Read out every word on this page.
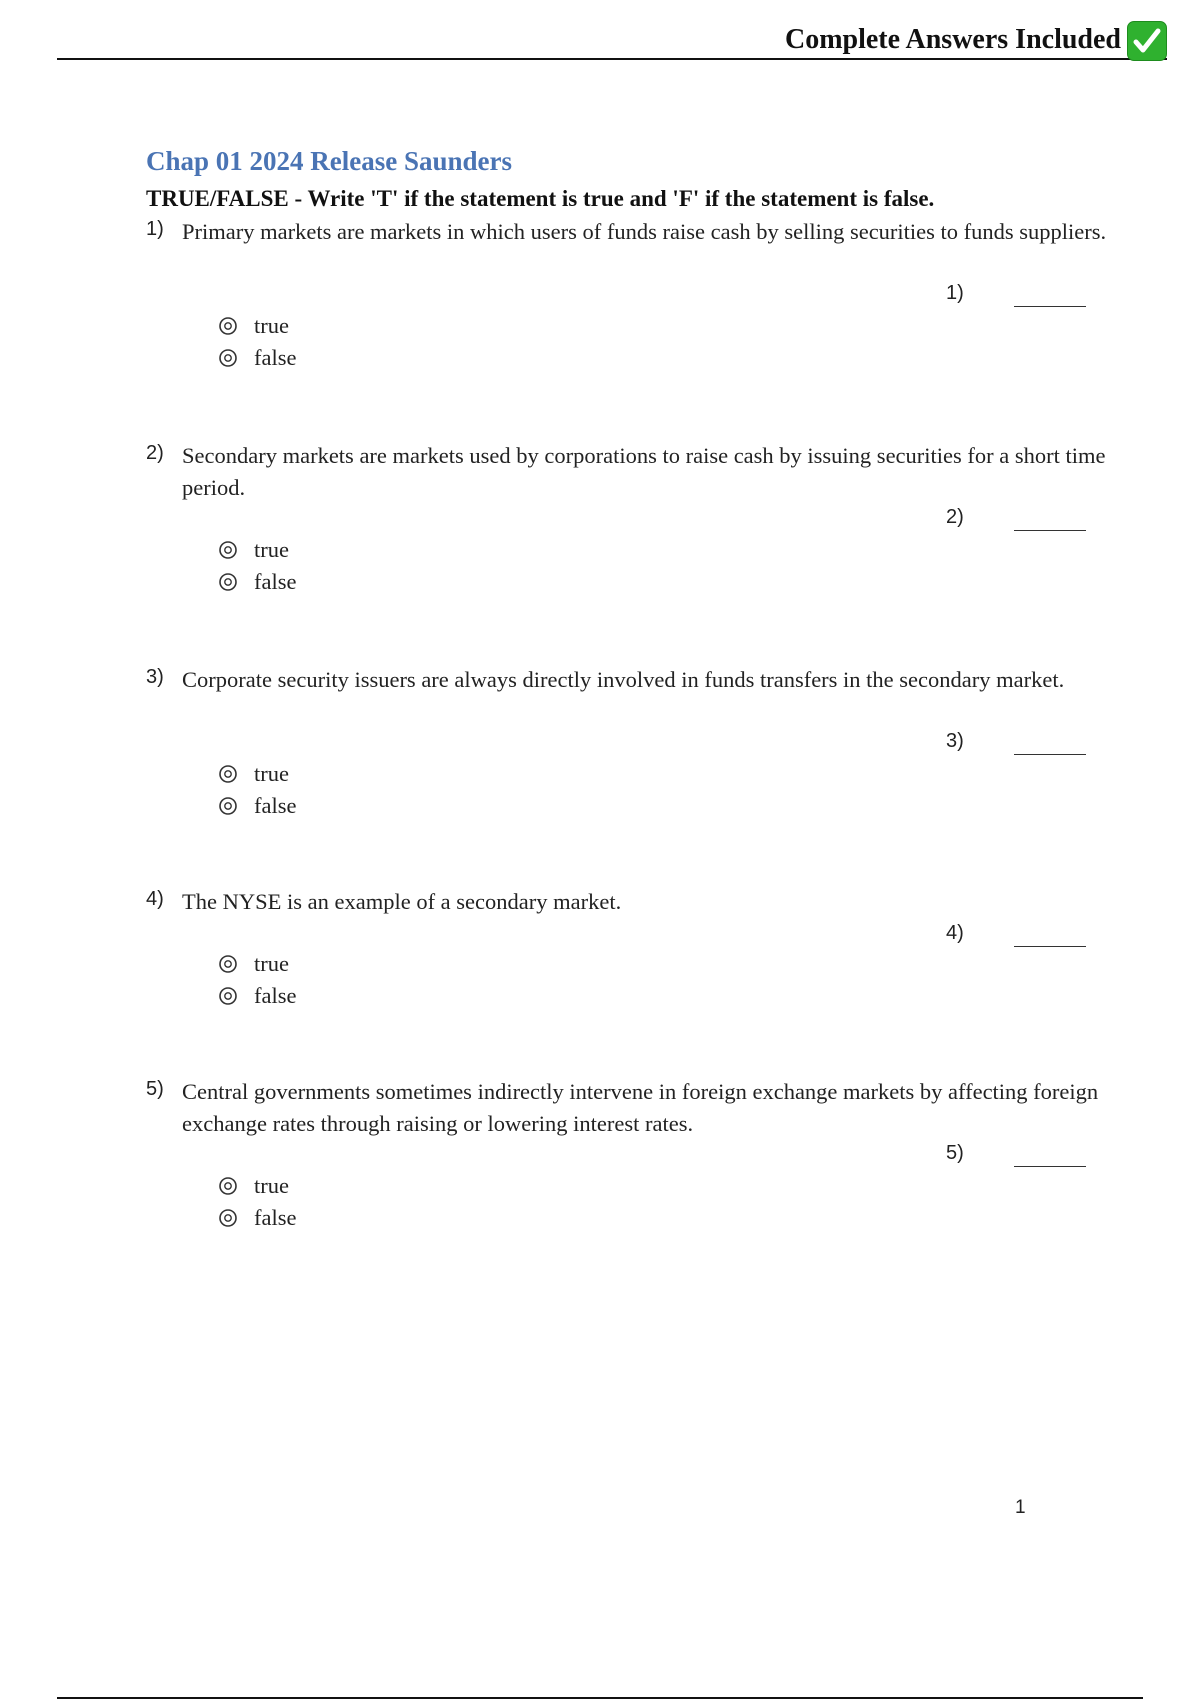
Complete Answers Included
Chap 01 2024 Release Saunders
TRUE/FALSE - Write 'T' if the statement is true and 'F' if the statement is false.
1) Primary markets are markets in which users of funds raise cash by selling securities to funds suppliers.
1)
true
false
2) Secondary markets are markets used by corporations to raise cash by issuing securities for a short time period.
2)
true
false
3) Corporate security issuers are always directly involved in funds transfers in the secondary market.
3)
true
false
4) The NYSE is an example of a secondary market.
4)
true
false
5) Central governments sometimes indirectly intervene in foreign exchange markets by affecting foreign exchange rates through raising or lowering interest rates.
5)
true
false
1
